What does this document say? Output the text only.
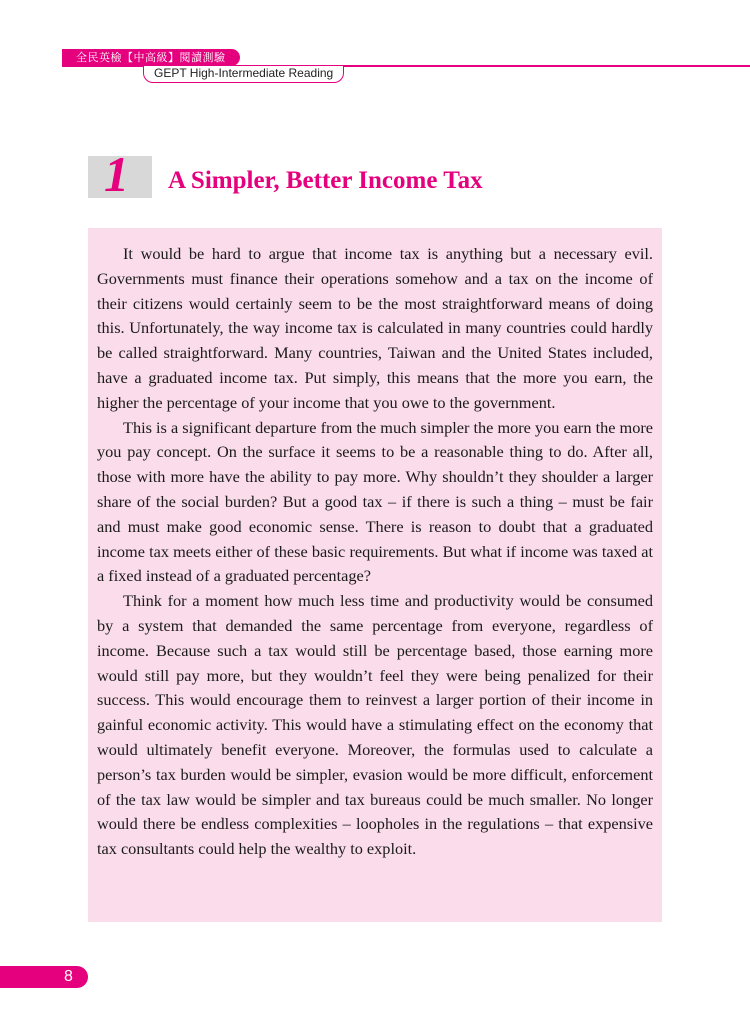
全民英檢【中高級】閱讀測驗
GEPT High-Intermediate Reading
1 A Simpler, Better Income Tax

It would be hard to argue that income tax is anything but a necessary evil. Governments must finance their operations somehow and a tax on the income of their citizens would certainly seem to be the most straightforward means of doing this. Unfortunately, the way income tax is calculated in many countries could hardly be called straightforward. Many countries, Taiwan and the United States included, have a graduated income tax. Put simply, this means that the more you earn, the higher the percentage of your income that you owe to the government.

This is a significant departure from the much simpler the more you earn the more you pay concept. On the surface it seems to be a reasonable thing to do. After all, those with more have the ability to pay more. Why shouldn’t they shoulder a larger share of the social burden? But a good tax – if there is such a thing – must be fair and must make good economic sense. There is reason to doubt that a graduated income tax meets either of these basic requirements. But what if income was taxed at a fixed instead of a graduated percentage?

Think for a moment how much less time and productivity would be consumed by a system that demanded the same percentage from everyone, regardless of income. Because such a tax would still be percentage based, those earning more would still pay more, but they wouldn’t feel they were being penalized for their success. This would encourage them to reinvest a larger portion of their income in gainful economic activity. This would have a stimulating effect on the economy that would ultimately benefit everyone. Moreover, the formulas used to calculate a person’s tax burden would be simpler, evasion would be more difficult, enforcement of the tax law would be simpler and tax bureaus could be much smaller. No longer would there be endless complexities – loopholes in the regulations – that expensive tax consultants could help the wealthy to exploit.

8
